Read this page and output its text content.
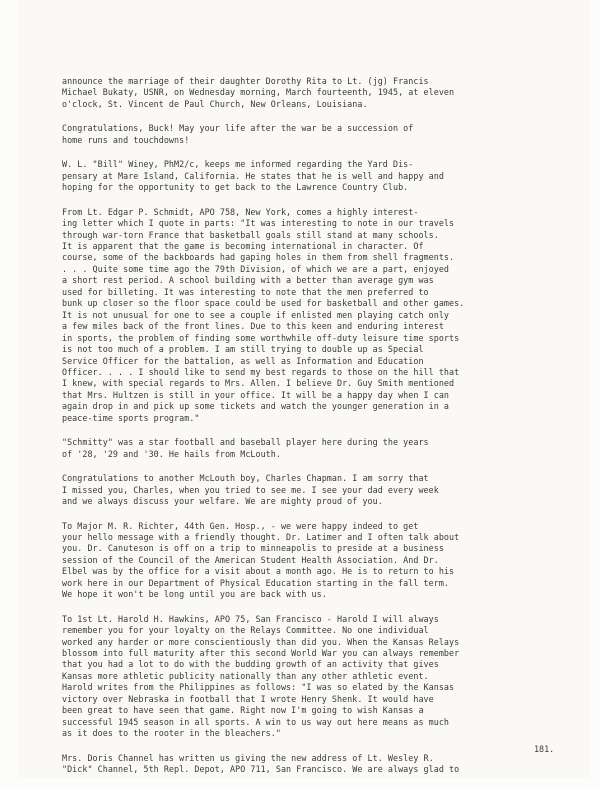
announce the marriage of their daughter Dorothy Rita to Lt. (jg) Francis
Michael Bukaty, USNR, on Wednesday morning, March fourteenth, 1945, at eleven
o'clock, St. Vincent de Paul Church, New Orleans, Louisiana.
Congratulations, Buck! May your life after the war be a succession of
home runs and touchdowns!
W. L. "Bill" Winey, PhM2/c, keeps me informed regarding the Yard Dis-
pensary at Mare Island, California. He states that he is well and happy and
hoping for the opportunity to get back to the Lawrence Country Club.
From Lt. Edgar P. Schmidt, APO 758, New York, comes a highly interest-
ing letter which I quote in parts: "It was interesting to note in our travels
through war-torn France that basketball goals still stand at many schools.
It is apparent that the game is becoming international in character. Of
course, some of the backboards had gaping holes in them from shell fragments.
. . . Quite some time ago the 79th Division, of which we are a part, enjoyed
a short rest period. A school building with a better than average gym was
used for billeting. It was interesting to note that the men preferred to
bunk up closer so the floor space could be used for basketball and other games.
It is not unusual for one to see a couple if enlisted men playing catch only
a few miles back of the front lines. Due to this keen and enduring interest
in sports, the problem of finding some worthwhile off-duty leisure time sports
is not too much of a problem. I am still trying to double up as Special
Service Officer for the battalion, as well as Information and Education
Officer. . . . I should like to send my best regards to those on the hill that
I knew, with special regards to Mrs. Allen. I believe Dr. Guy Smith mentioned
that Mrs. Hultzen is still in your office. It will be a happy day when I can
again drop in and pick up some tickets and watch the younger generation in a
peace-time sports program."
"Schmitty" was a star football and baseball player here during the years
of '28, '29 and '30. He hails from McLouth.
Congratulations to another McLouth boy, Charles Chapman. I am sorry that
I missed you, Charles, when you tried to see me. I see your dad every week
and we always discuss your welfare. We are mighty proud of you.
To Major M. R. Richter, 44th Gen. Hosp., - we were happy indeed to get
your hello message with a friendly thought. Dr. Latimer and I often talk about
you. Dr. Canuteson is off on a trip to minneapolis to preside at a business
session of the Council of the American Student Health Association. And Dr.
Elbel was by the office for a visit about a month ago. He is to return to his
work here in our Department of Physical Education starting in the fall term.
We hope it won't be long until you are back with us.
To 1st Lt. Harold H. Hawkins, APO 75, San Francisco - Harold I will always
remember you for your loyalty on the Relays Committee. No one individual
worked any harder or more conscientiously than did you. When the Kansas Relays
blossom into full maturity after this second World War you can always remember
that you had a lot to do with the budding growth of an activity that gives
Kansas more athletic publicity nationally than any other athletic event.
Harold writes from the Philippines as follows: "I was so elated by the Kansas
victory over Nebraska in football that I wrote Henry Shenk. It would have
been great to have seen that game. Right now I'm going to wish Kansas a
successful 1945 season in all sports. A win to us way out here means as much
as it does to the rooter in the bleachers."
Mrs. Doris Channel has written us giving the new address of Lt. Wesley R.
"Dick" Channel, 5th Repl. Depot, APO 711, San Francisco. We are always glad to
181.
